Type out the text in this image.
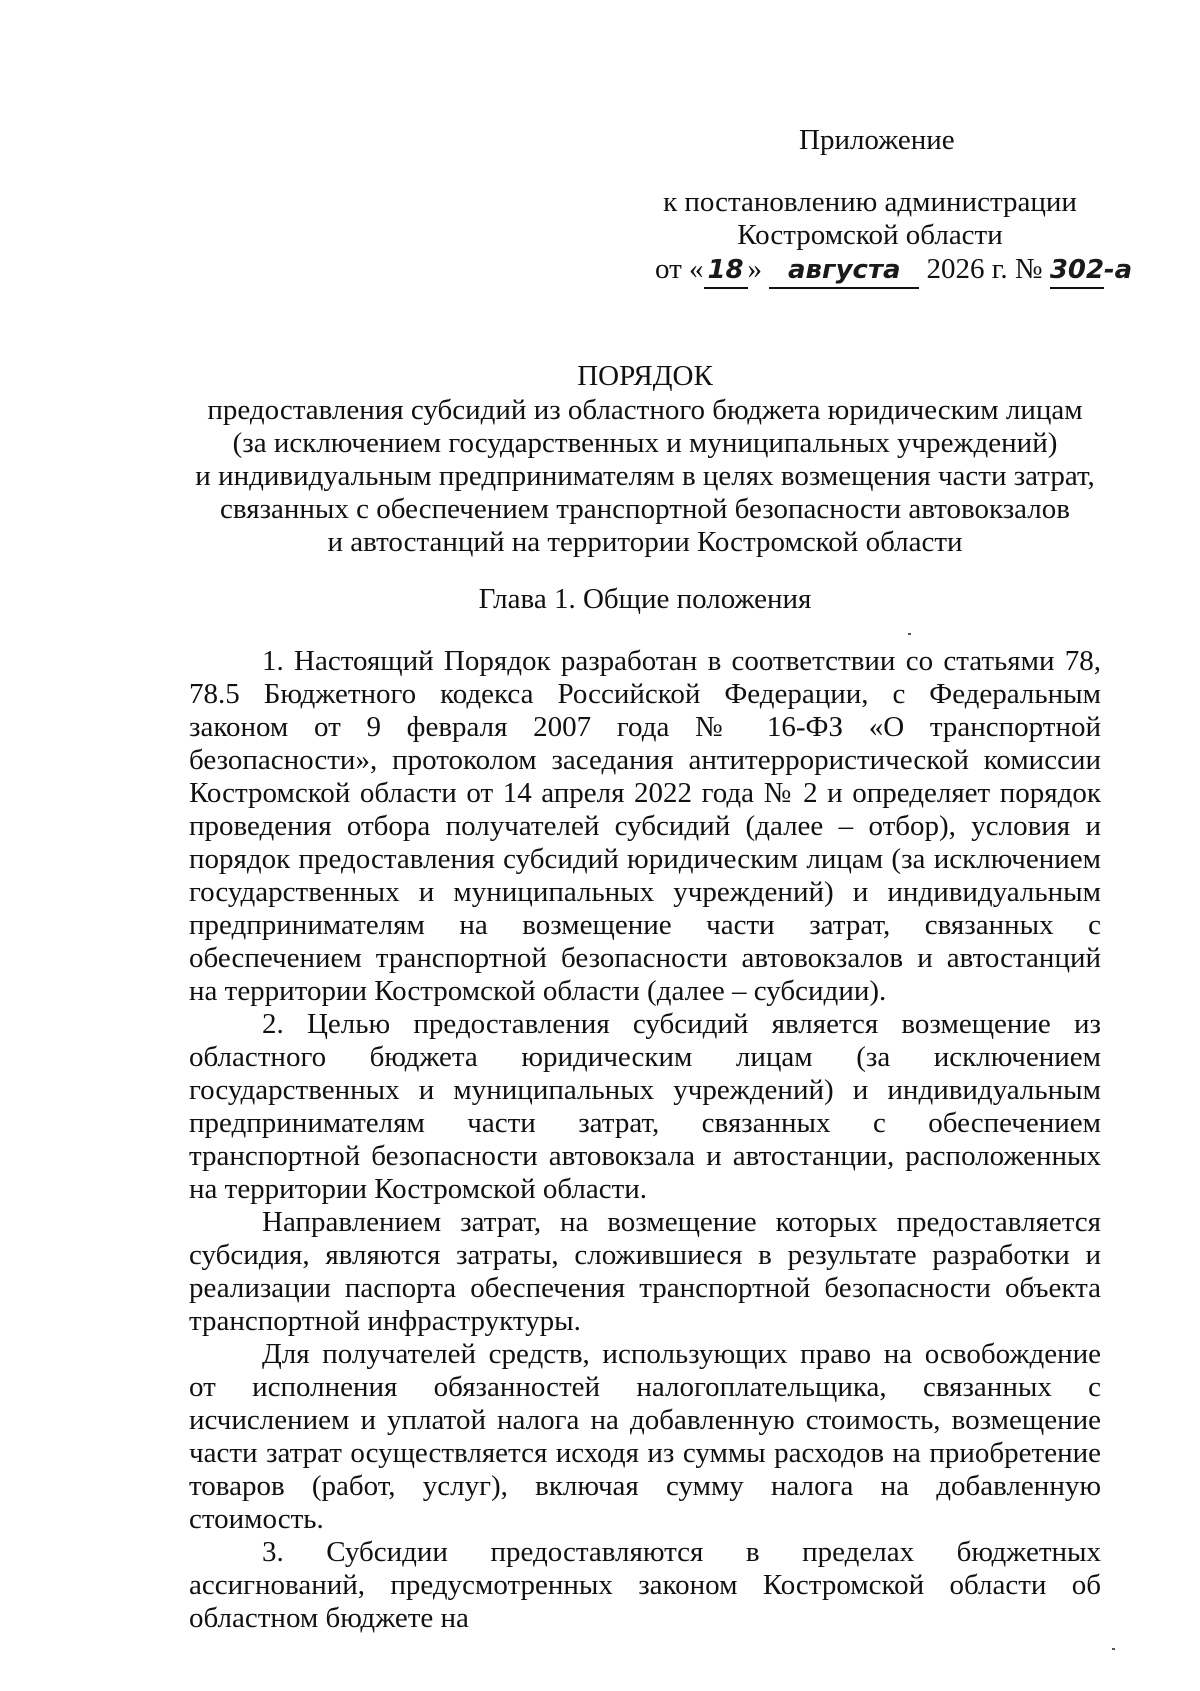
Приложение
к постановлению администрации
Костромской области
от « 18 » августа 2026 г. № 302-а
ПОРЯДОК
предоставления субсидий из областного бюджета юридическим лицам
(за исключением государственных и муниципальных учреждений)
и индивидуальным предпринимателям в целях возмещения части затрат,
связанных с обеспечением транспортной безопасности автовокзалов
и автостанций на территории Костромской области
Глава 1. Общие положения

1. Настоящий Порядок разработан в соответствии со статьями 78, 78.5 Бюджетного кодекса Российской Федерации, с Федеральным законом от 9 февраля 2007 года № 16-ФЗ «О транспортной безопасности», протоколом заседания антитеррористической комиссии Костромской области от 14 апреля 2022 года № 2 и определяет порядок проведения отбора получателей субсидий (далее – отбор), условия и порядок предоставления субсидий юридическим лицам (за исключением государственных и муниципальных учреждений) и индивидуальным предпринимателям на возмещение части затрат, связанных с обеспечением транспортной безопасности автовокзалов и автостанций на территории Костромской области (далее – субсидии).

2. Целью предоставления субсидий является возмещение из областного бюджета юридическим лицам (за исключением государственных и муниципальных учреждений) и индивидуальным предпринимателям части затрат, связанных с обеспечением транспортной безопасности автовокзала и автостанции, расположенных на территории Костромской области.

Направлением затрат, на возмещение которых предоставляется субсидия, являются затраты, сложившиеся в результате разработки и реализации паспорта обеспечения транспортной безопасности объекта транспортной инфраструктуры.

Для получателей средств, использующих право на освобождение от исполнения обязанностей налогоплательщика, связанных с исчислением и уплатой налога на добавленную стоимость, возмещение части затрат осуществляется исходя из суммы расходов на приобретение товаров (работ, услуг), включая сумму налога на добавленную стоимость.

3. Субсидии предоставляются в пределах бюджетных ассигнований, предусмотренных законом Костромской области об областном бюджете на
